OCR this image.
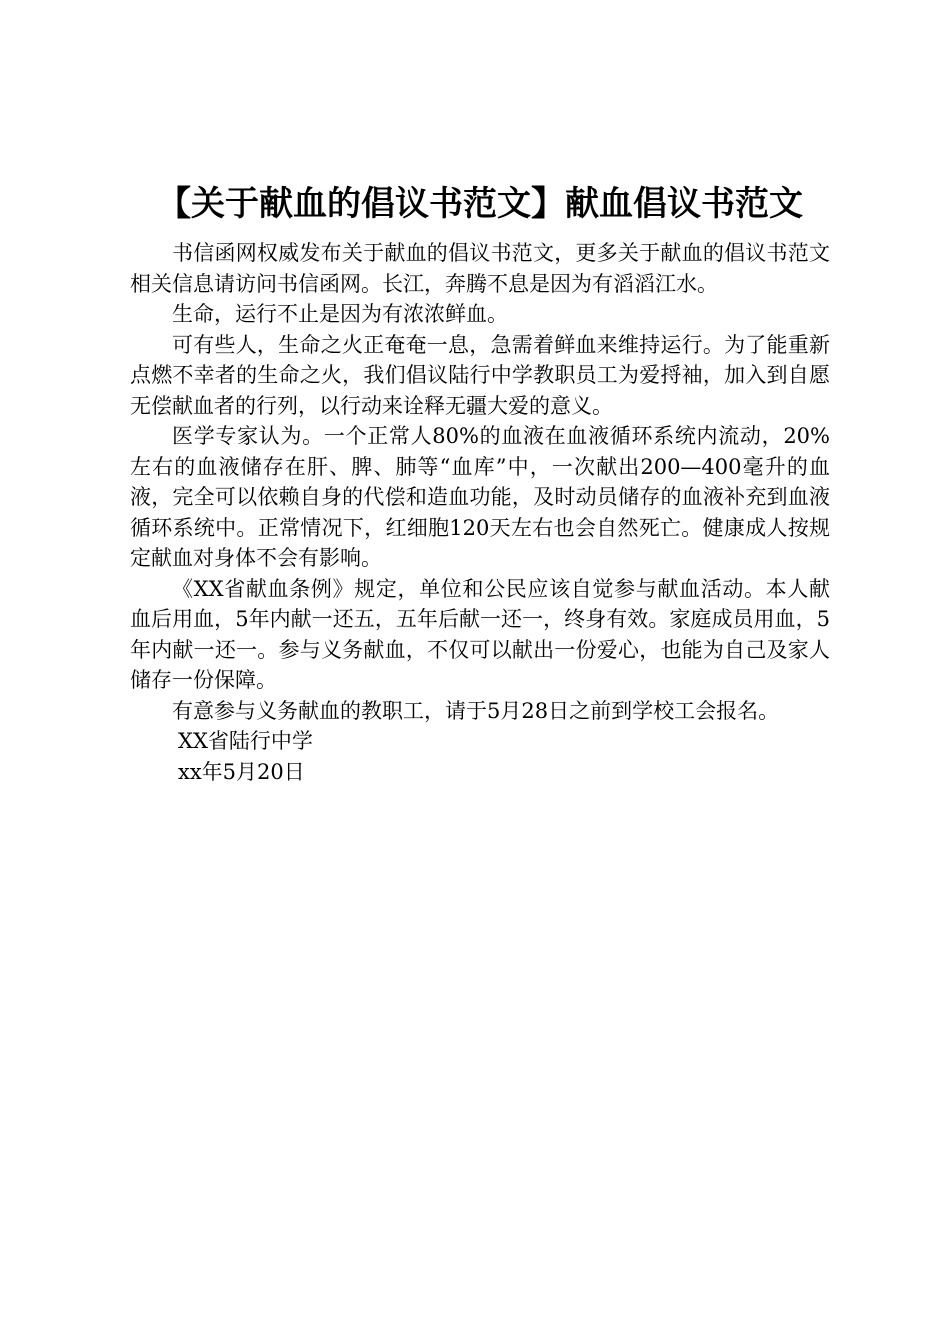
【关于献血的倡议书范文】献血倡议书范文

书信函网权威发布关于献血的倡议书范文，更多关于献血的倡议书范文相关信息请访问书信函网。长江，奔腾不息是因为有滔滔江水。

生命，运行不止是因为有浓浓鲜血。

可有些人，生命之火正奄奄一息，急需着鲜血来维持运行。为了能重新点燃不幸者的生命之火，我们倡议陆行中学教职员工为爱捋袖，加入到自愿无偿献血者的行列，以行动来诠释无疆大爱的意义。

医学专家认为。一个正常人80%的血液在血液循环系统内流动，20%左右的血液储存在肝、脾、肺等“血库”中，一次献出200—400毫升的血液，完全可以依赖自身的代偿和造血功能，及时动员储存的血液补充到血液循环系统中。正常情况下，红细胞120天左右也会自然死亡。健康成人按规定献血对身体不会有影响。

《XX省献血条例》规定，单位和公民应该自觉参与献血活动。本人献血后用血，5年内献一还五，五年后献一还一，终身有效。家庭成员用血，5年内献一还一。参与义务献血，不仅可以献出一份爱心，也能为自己及家人储存一份保障。

有意参与义务献血的教职工，请于5月28日之前到学校工会报名。

XX省陆行中学

xx年5月20日
